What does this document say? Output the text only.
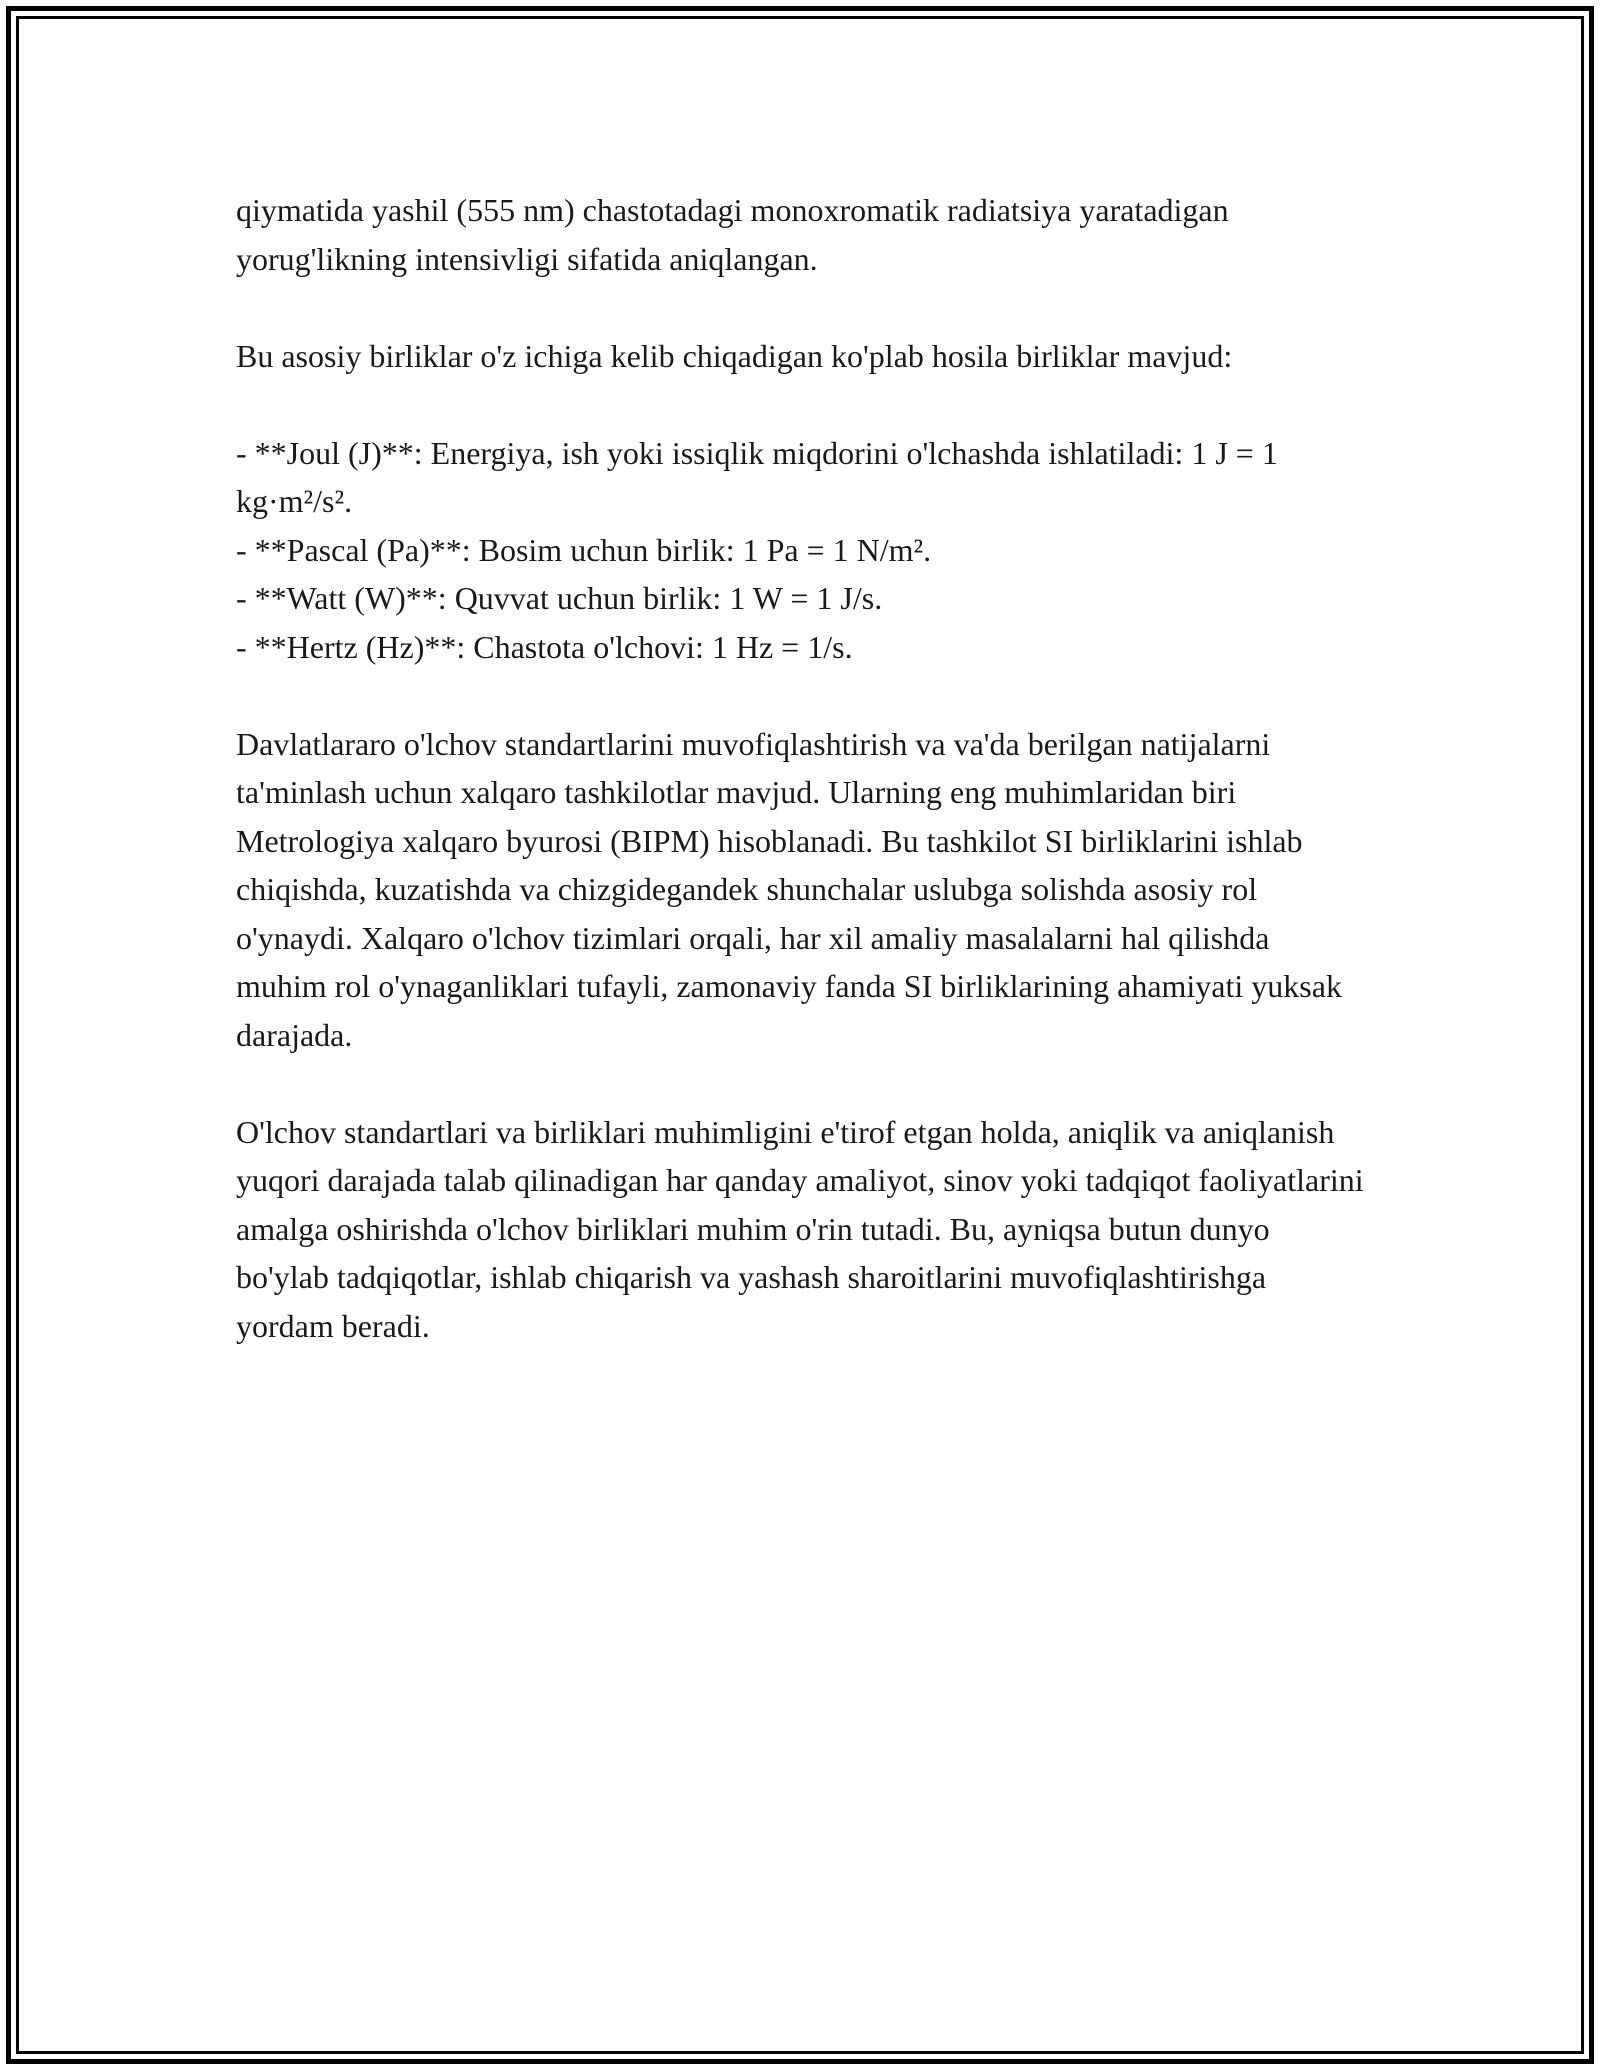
qiymatida yashil (555 nm) chastotadagi monoxromatik radiatsiya yaratadigan yorug'likning intensivligi sifatida aniqlangan.

Bu asosiy birliklar o'z ichiga kelib chiqadigan ko'plab hosila birliklar mavjud:

- **Joul (J)**: Energiya, ish yoki issiqlik miqdorini o'lchashda ishlatiladi: 1 J = 1 kg·m²/s².
- **Pascal (Pa)**: Bosim uchun birlik: 1 Pa = 1 N/m².
- **Watt (W)**: Quvvat uchun birlik: 1 W = 1 J/s.
- **Hertz (Hz)**: Chastota o'lchovi: 1 Hz = 1/s.

Davlatlararo o'lchov standartlarini muvofiqlashtirish va va'da berilgan natijalarni ta'minlash uchun xalqaro tashkilotlar mavjud. Ularning eng muhimlaridan biri Metrologiya xalqaro byurosi (BIPM) hisoblanadi. Bu tashkilot SI birliklarini ishlab chiqishda, kuzatishda va chizgidegandek shunchalar uslubga solishda asosiy rol o'ynaydi. Xalqaro o'lchov tizimlari orqali, har xil amaliy masalalarni hal qilishda muhim rol o'ynaganliklari tufayli, zamonaviy fanda SI birliklarining ahamiyati yuksak darajada.

O'lchov standartlari va birliklari muhimligini e'tirof etgan holda, aniqlik va aniqlanish yuqori darajada talab qilinadigan har qanday amaliyot, sinov yoki tadqiqot faoliyatlarini amalga oshirishda o'lchov birliklari muhim o'rin tutadi. Bu, ayniqsa butun dunyo bo'ylab tadqiqotlar, ishlab chiqarish va yashash sharoitlarini muvofiqlashtirishga yordam beradi.
